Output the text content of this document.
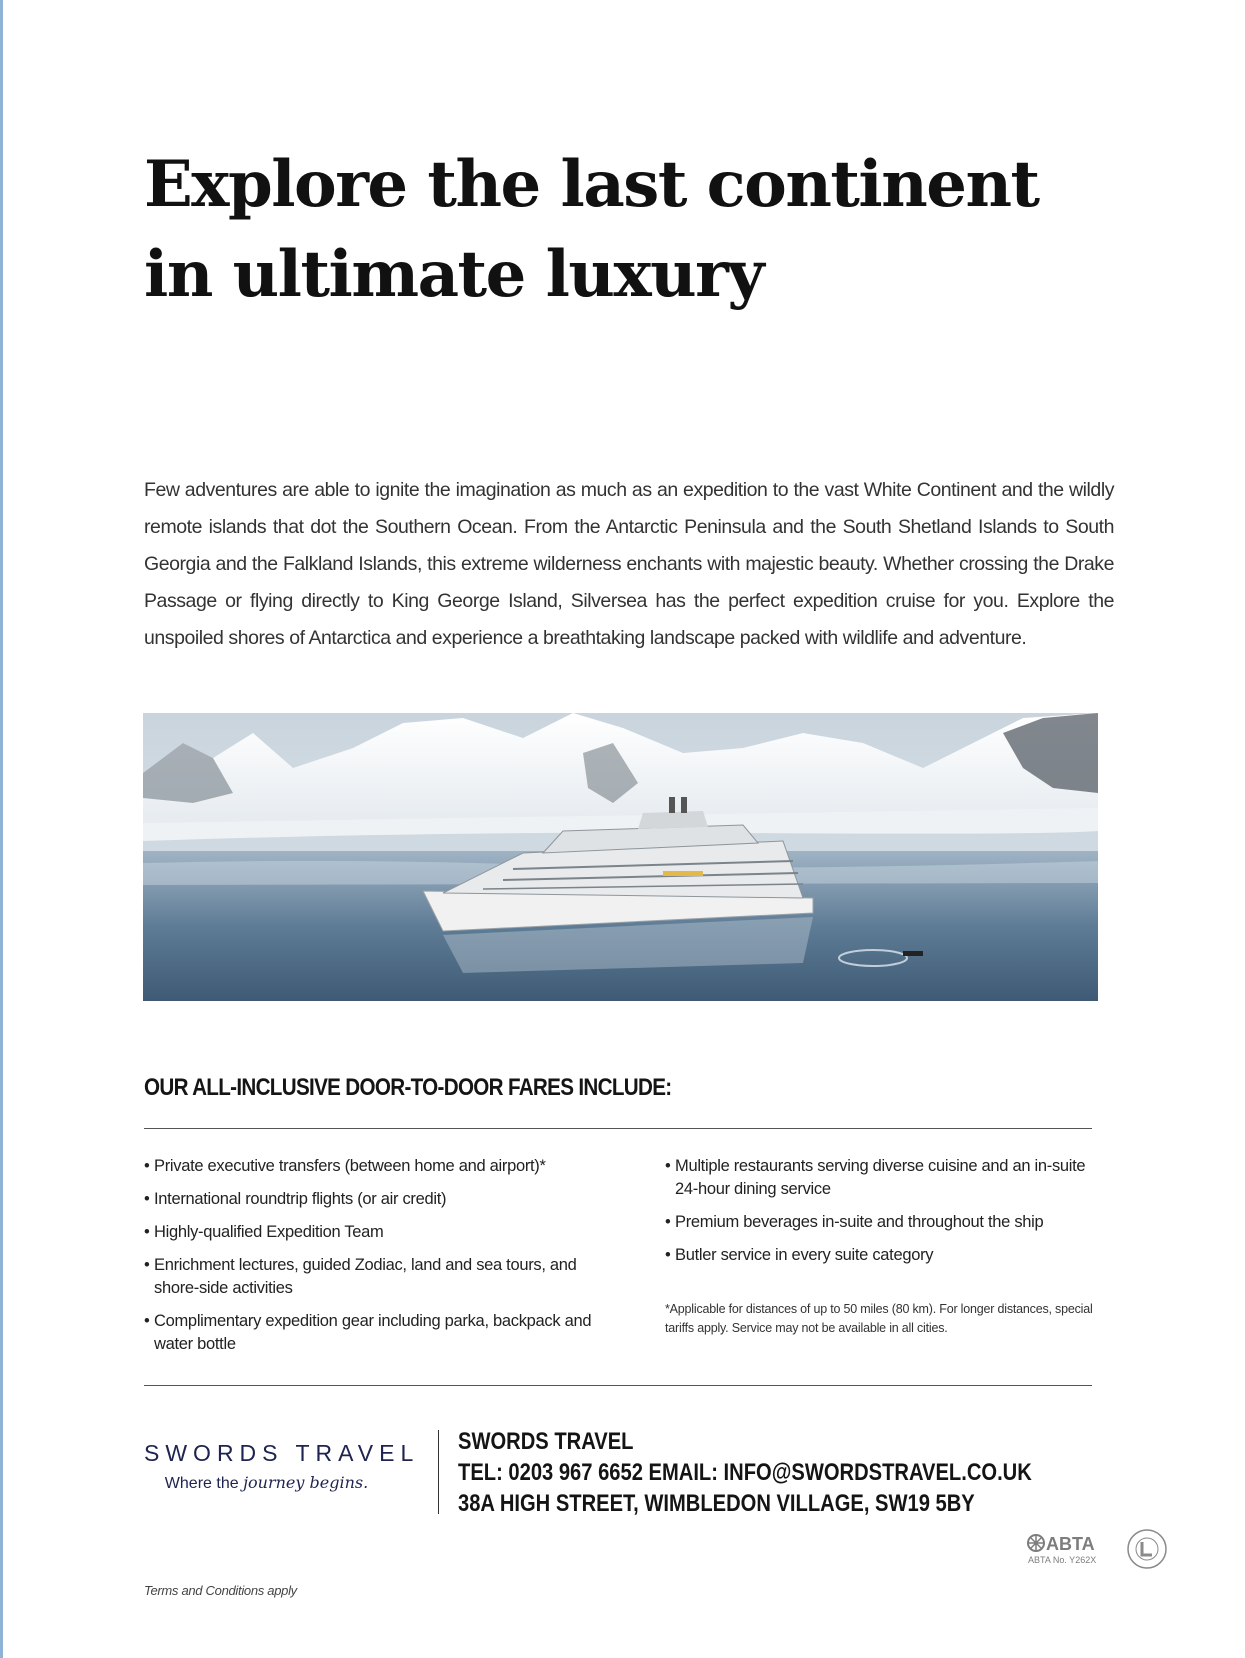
Explore the last continent
in ultimate luxury

Few adventures are able to ignite the imagination as much as an expedition to the vast White Continent and the wildly remote islands that dot the Southern Ocean. From the Antarctic Peninsula and the South Shetland Islands to South Georgia and the Falkland Islands, this extreme wilderness enchants with majestic beauty. Whether crossing the Drake Passage or flying directly to King George Island, Silversea has the perfect expedition cruise for you. Explore the unspoiled shores of Antarctica and experience a breathtaking landscape packed with wildlife and adventure.

OUR ALL-INCLUSIVE DOOR-TO-DOOR FARES INCLUDE:
• Private executive transfers (between home and airport)*
• International roundtrip flights (or air credit)
• Highly-qualified Expedition Team
• Enrichment lectures, guided Zodiac, land and sea tours, and shore-side activities
• Complimentary expedition gear including parka, backpack and water bottle
• Multiple restaurants serving diverse cuisine and an in-suite 24-hour dining service
• Premium beverages in-suite and throughout the ship
• Butler service in every suite category

*Applicable for distances of up to 50 miles (80 km). For longer distances, special tariffs apply. Service may not be available in all cities.

SWORDS TRAVEL
Where the journey begins.
SWORDS TRAVEL
TEL: 0203 967 6652 EMAIL: INFO@SWORDSTRAVEL.CO.UK
38A HIGH STREET, WIMBLEDON VILLAGE, SW19 5BY

Terms and Conditions apply

ABTA
ABTA No. Y262X
